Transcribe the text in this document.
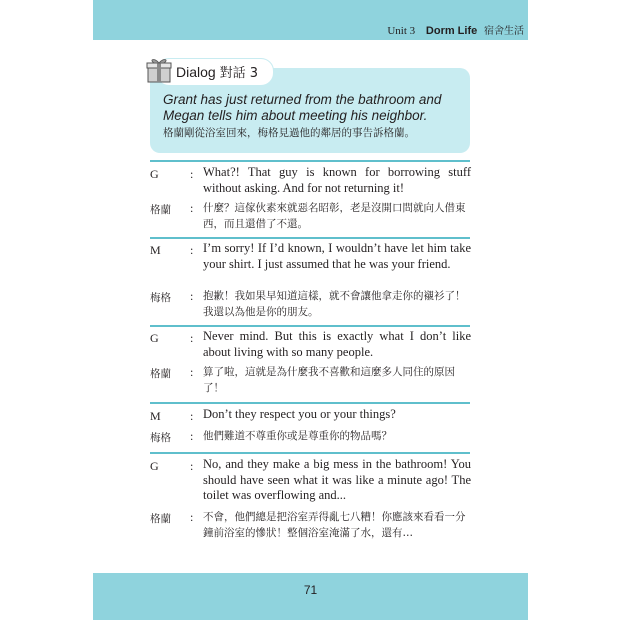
Unit 3 Dorm Life 宿舍生活
Dialog 對話 3
Grant has just returned from the bathroom and Megan tells him about meeting his neighbor.
格蘭剛從浴室回來，梅格見過他的鄰居的事告訴格蘭。
G	: What?! That guy is known for borrowing stuff without asking. And for not returning it!
格蘭 : 什麼？這傢伙素來就惡名昭彰，老是沒開口問就向人借東西，而且還借了不還。
M : I’m sorry! If I’d known, I wouldn’t have let him take your shirt. I just assumed that he was your friend.
梅格 : 抱歉！我如果早知道這樣，就不會讓他拿走你的襯衫了！我還以為他是你的朋友。
G	: Never mind. But this is exactly what I don’t like about living with so many people.
格蘭 : 算了啦，這就是為什麼我不喜歡和這麼多人同住的原因了！
M : Don’t they respect you or your things?
梅格 : 他們難道不尊重你或是尊重你的物品嗎？
G	: No, and they make a big mess in the bathroom! You should have seen what it was like a minute ago! The toilet was overflowing and...
格蘭 : 不會，他們總是把浴室弄得亂七八糟！你應該來看看一分鐘前浴室的慘狀！整個浴室淹滿了水，還有…
71
